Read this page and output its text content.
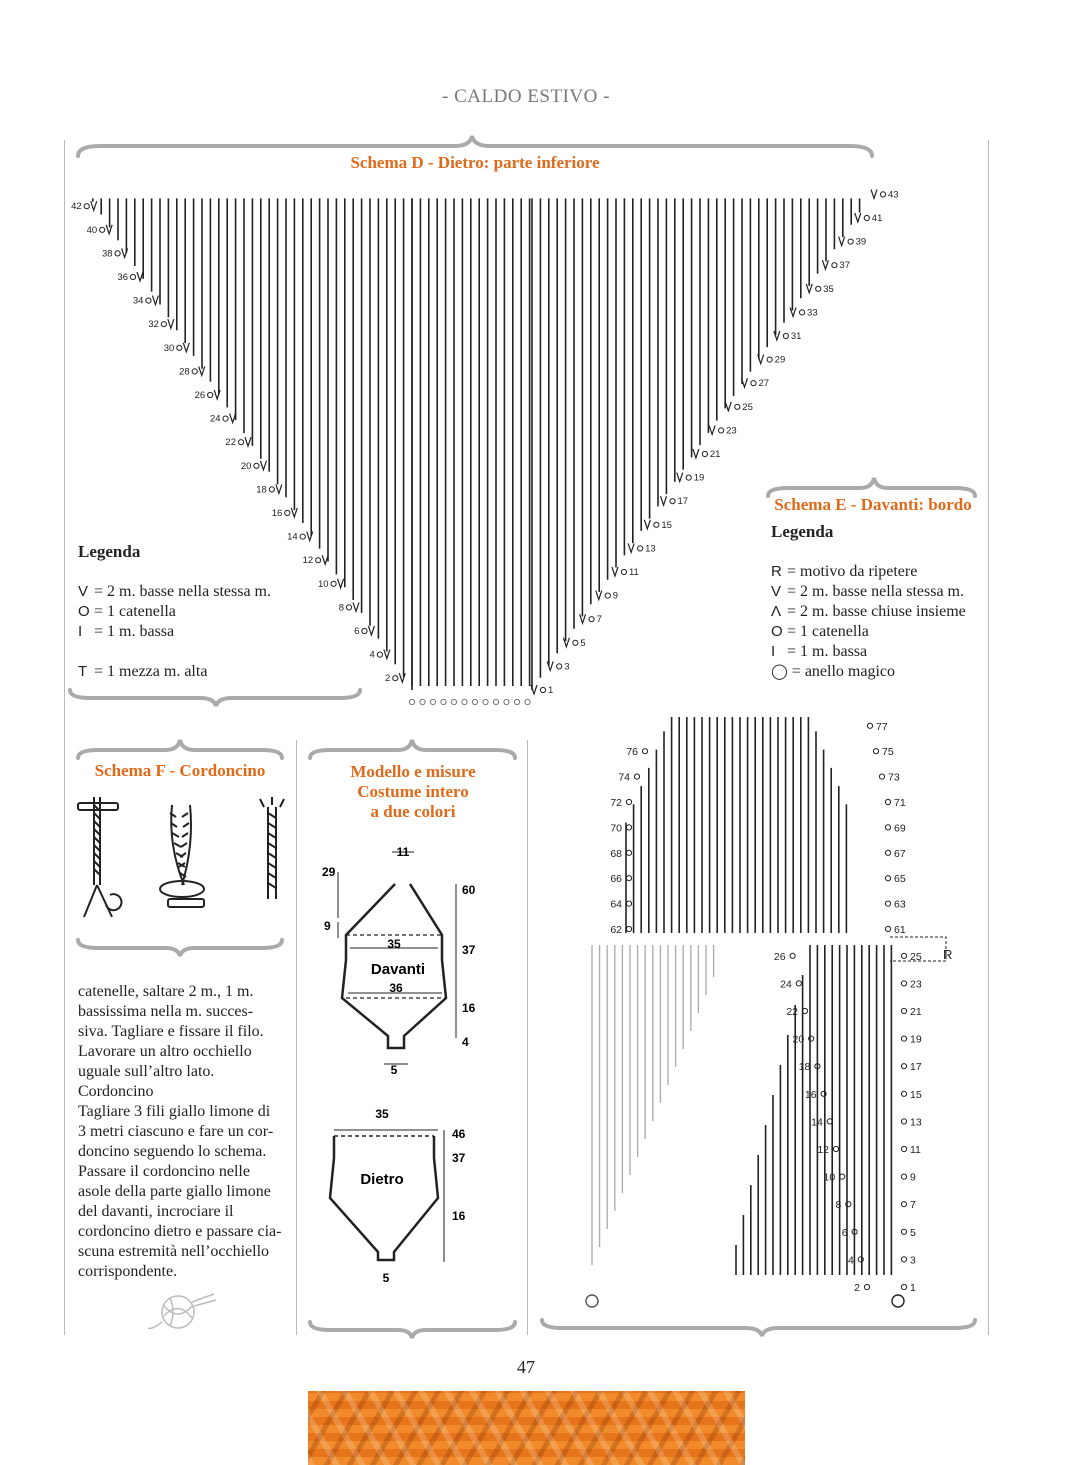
- CALDO ESTIVO -
Schema D - Dietro: parte inferiore
1
2
3
4
5
6
7
8
9
10
11
12
13
14
15
16
17
18
19
20
21
22
23
24
25
26
27
28
29
30
31
32
33
34
35
36
37
38
39
40
41
42
43
Legenda
V = 2 m. basse nella stessa m.
O = 1 catenella
I = 1 m. bassa
T = 1 mezza m. alta
Schema E - Davanti: bordo
Legenda
R = motivo da ripetere
V = 2 m. basse nella stessa m.
Λ = 2 m. basse chiuse insieme
O = 1 catenella
I = 1 m. bassa
◯ = anello magico
R
1
2
3
4
5
6
7
8
9
10
11
12
13
14
15
16
17
18
19
20
21
22
23
24
25
26
61
62
63
64
65
66
67
68
69
70
71
72
73
74
75
76
77
Schema F - Cordoncino
catenelle, saltare 2 m., 1 m.
bassissima nella m. succes-
siva. Tagliare e fissare il filo.
Lavorare un altro occhiello
uguale sull’altro lato.
Cordoncino
Tagliare 3 fili giallo limone di
3 metri ciascuno e fare un cor-
doncino seguendo lo schema.
Passare il cordoncino nelle
asole della parte giallo limone
del davanti, incrociare il
cordoncino dietro e passare cia-
scuna estremità nell’occhiello
corrispondente.
Modello e misure
Costume intero
a due colori
11
35
36
5
Davanti
29
9
60
37
16
4
35
Dietro
5
46
37
16
47
